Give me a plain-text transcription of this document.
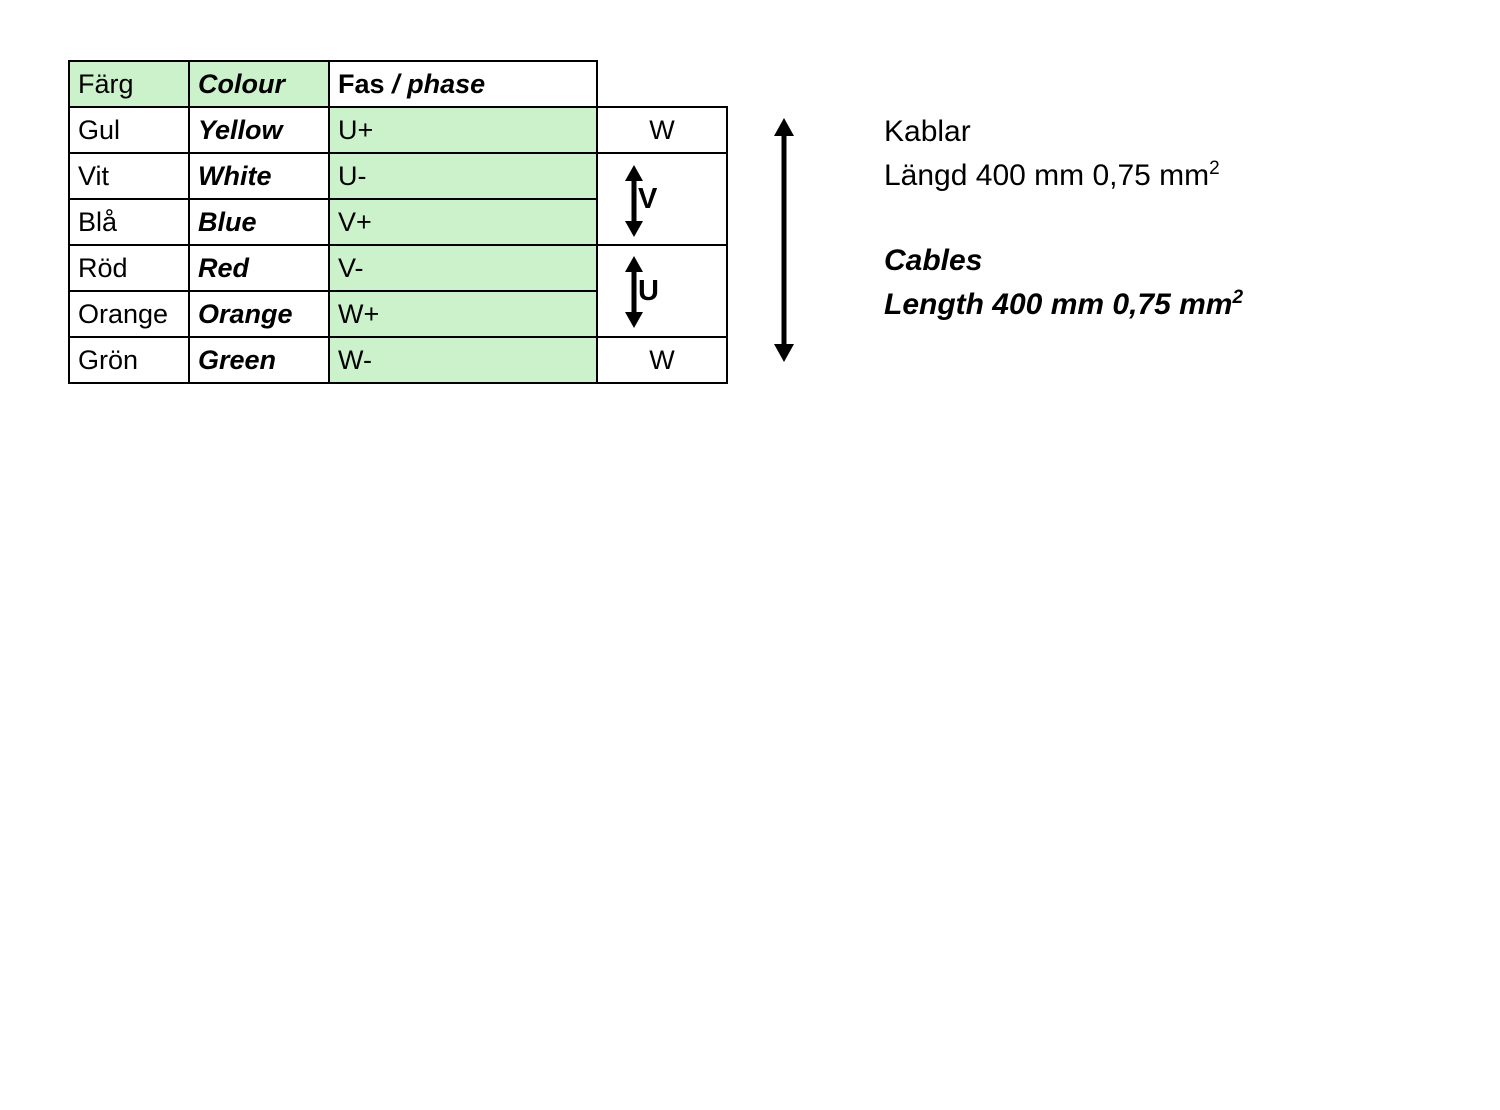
Färg	Colour	Fas / phase	
Gul	Yellow	U+	W
Vit	White	U-	V
Blå	Blue	V+	
Röd	Red	V-	U
Orange	Orange	W+	
Grön	Green	W-	W
Kablar
Längd 400 mm 0,75 $mm^2$
Cables
Length 400 mm 0,75 $mm^2$
